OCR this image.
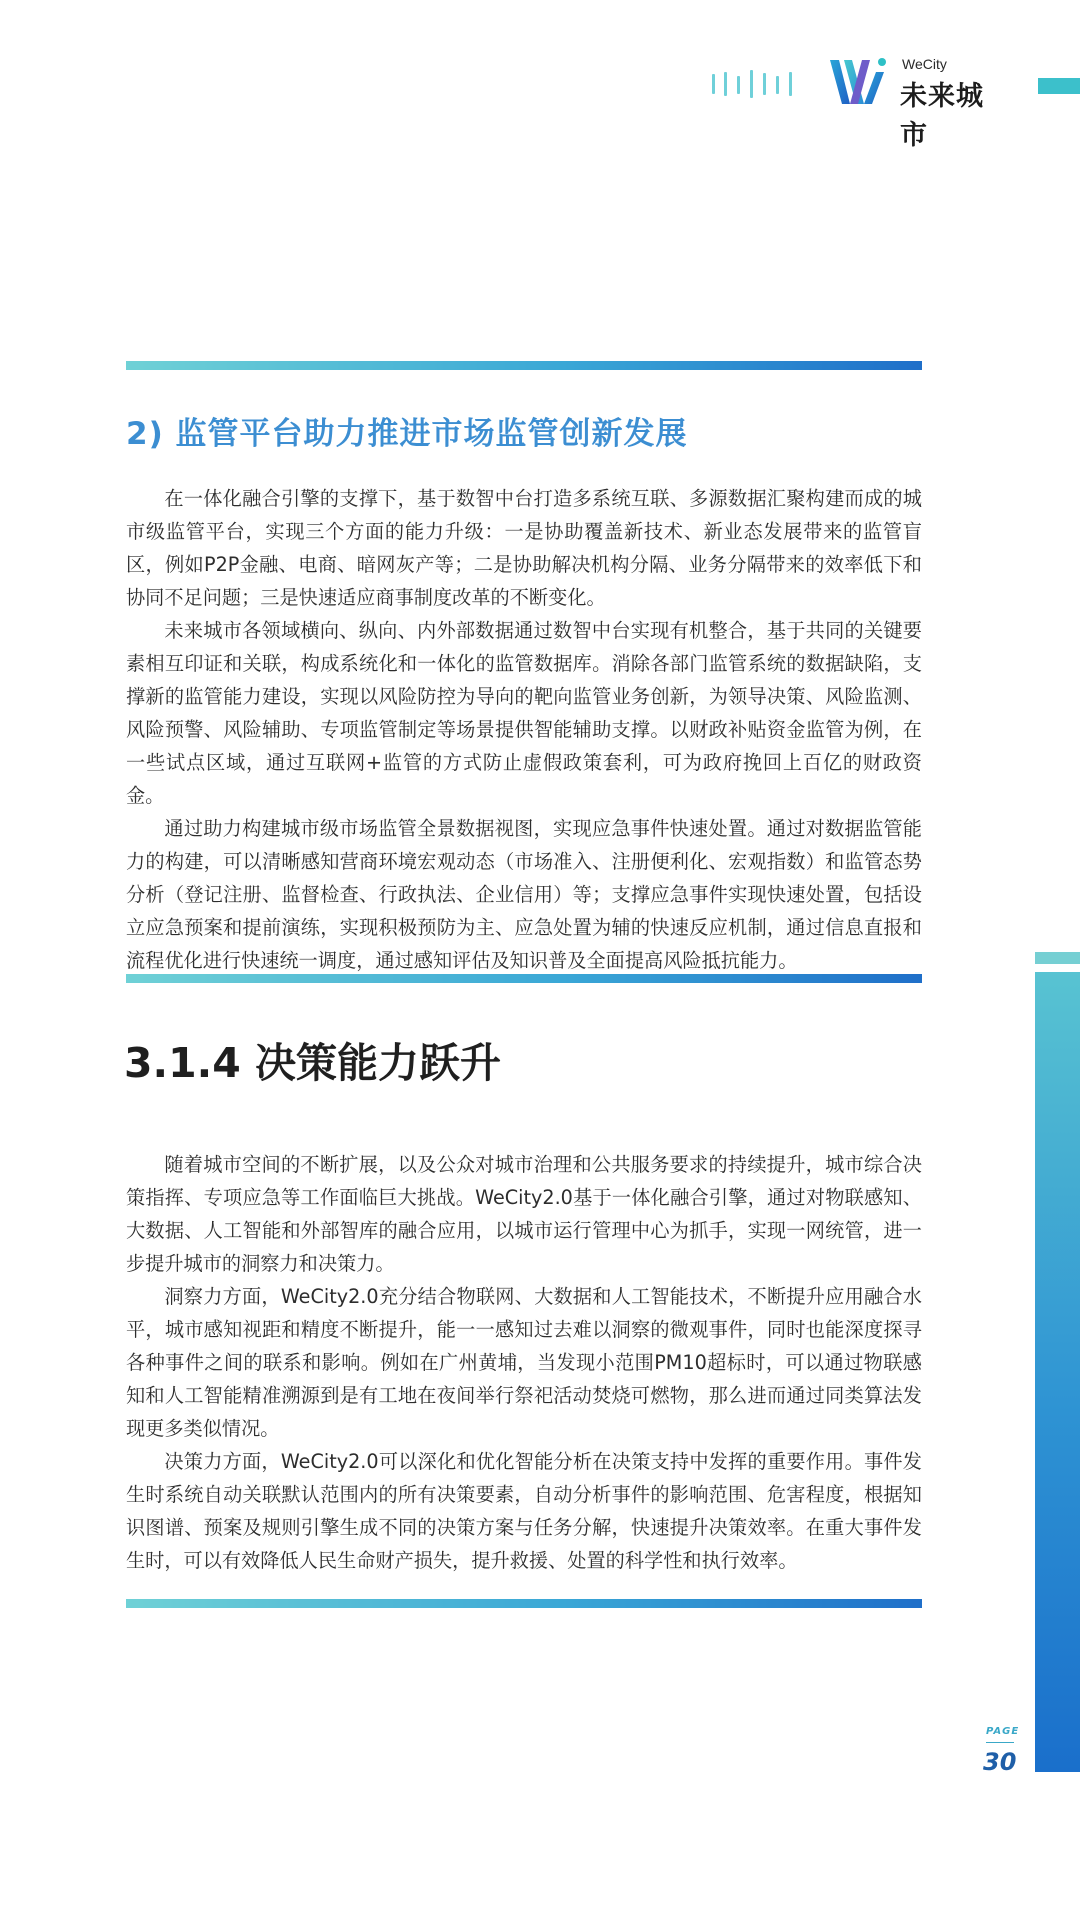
WeCity
未来城市
2) 监管平台助力推进市场监管创新发展

在一体化融合引擎的支撑下，基于数智中台打造多系统互联、多源数据汇聚构建而成的城市级监管平台，实现三个方面的能力升级：一是协助覆盖新技术、新业态发展带来的监管盲区，例如P2P金融、电商、暗网灰产等；二是协助解决机构分隔、业务分隔带来的效率低下和协同不足问题；三是快速适应商事制度改革的不断变化。

未来城市各领域横向、纵向、内外部数据通过数智中台实现有机整合，基于共同的关键要素相互印证和关联，构成系统化和一体化的监管数据库。消除各部门监管系统的数据缺陷，支撑新的监管能力建设，实现以风险防控为导向的靶向监管业务创新，为领导决策、风险监测、风险预警、风险辅助、专项监管制定等场景提供智能辅助支撑。以财政补贴资金监管为例，在一些试点区域，通过互联网+监管的方式防止虚假政策套利，可为政府挽回上百亿的财政资金。

通过助力构建城市级市场监管全景数据视图，实现应急事件快速处置。通过对数据监管能力的构建，可以清晰感知营商环境宏观动态（市场准入、注册便利化、宏观指数）和监管态势分析（登记注册、监督检查、行政执法、企业信用）等；支撑应急事件实现快速处置，包括设立应急预案和提前演练，实现积极预防为主、应急处置为辅的快速反应机制，通过信息直报和流程优化进行快速统一调度，通过感知评估及知识普及全面提高风险抵抗能力。

3.1.4 决策能力跃升

随着城市空间的不断扩展，以及公众对城市治理和公共服务要求的持续提升，城市综合决策指挥、专项应急等工作面临巨大挑战。WeCity2.0基于一体化融合引擎，通过对物联感知、大数据、人工智能和外部智库的融合应用，以城市运行管理中心为抓手，实现一网统管，进一步提升城市的洞察力和决策力。

洞察力方面，WeCity2.0充分结合物联网、大数据和人工智能技术，不断提升应用融合水平，城市感知视距和精度不断提升，能一一感知过去难以洞察的微观事件，同时也能深度探寻各种事件之间的联系和影响。例如在广州黄埔，当发现小范围PM10超标时，可以通过物联感知和人工智能精准溯源到是有工地在夜间举行祭祀活动焚烧可燃物，那么进而通过同类算法发现更多类似情况。

决策力方面，WeCity2.0可以深化和优化智能分析在决策支持中发挥的重要作用。事件发生时系统自动关联默认范围内的所有决策要素，自动分析事件的影响范围、危害程度，根据知识图谱、预案及规则引擎生成不同的决策方案与任务分解，快速提升决策效率。在重大事件发生时，可以有效降低人民生命财产损失，提升救援、处置的科学性和执行效率。

PAGE
30
